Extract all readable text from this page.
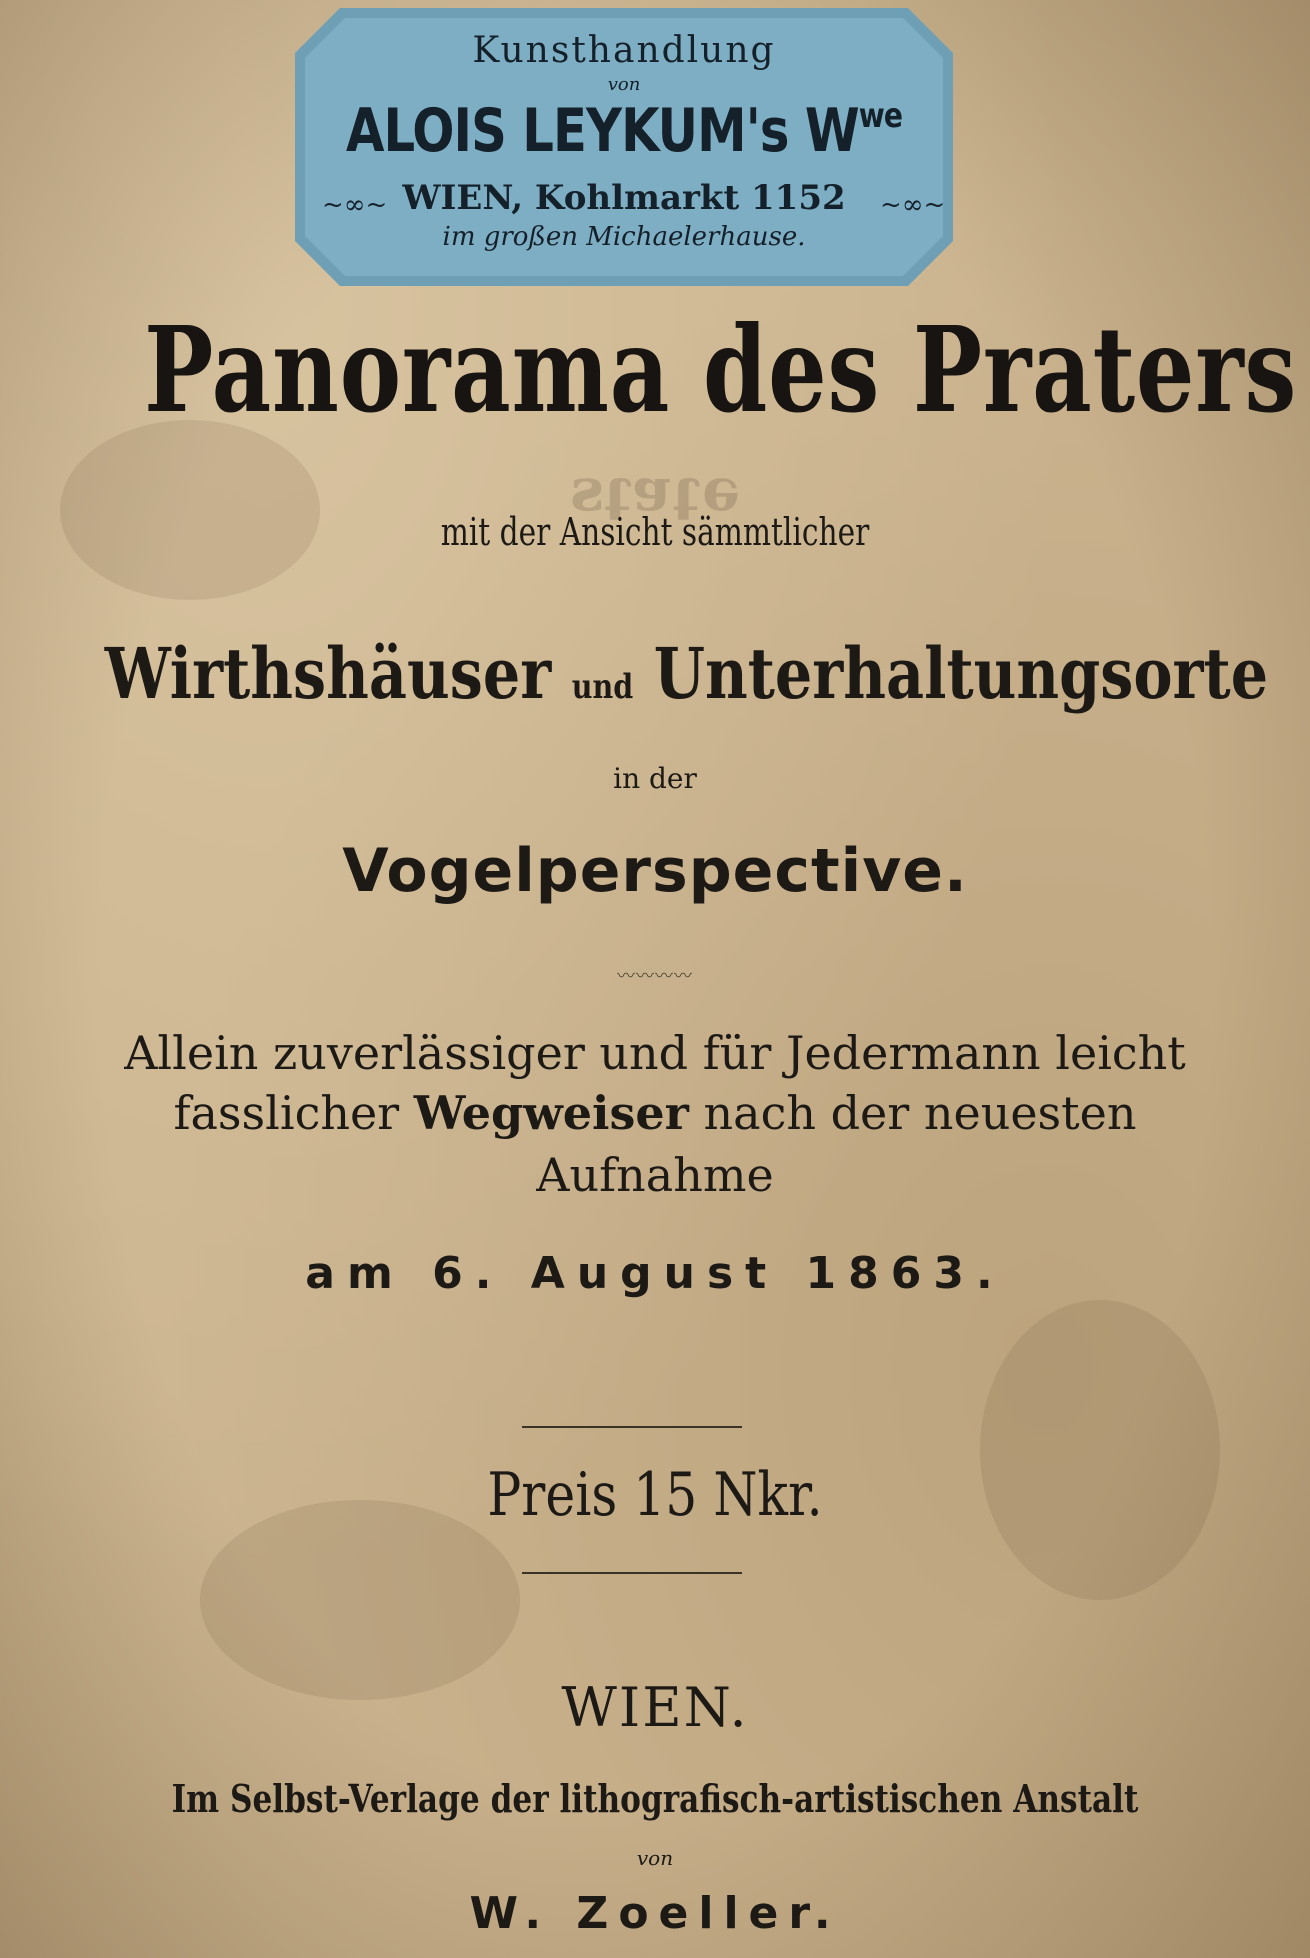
ǝʇɐʇs
Kunsthandlung
von
ALOIS LEYKUM's $W^{we}$
WIEN, Kohlmarkt 1152
im großen Michaelerhause.
~∞~	~∞~
Panorama des Praters
mit der Ansicht sämmtlicher
Wirthshäuser und Unterhaltungsorte
in der
Vogelperspective.
〰〰〰〰
Allein zuverlässiger und für Jedermann leicht
fasslicher Wegweiser nach der neuesten
Aufnahme
am 6. August 1863.
Preis 15 Nkr.
WIEN.
Im Selbst-Verlage der lithografisch-artistischen Anstalt
von
W. Zoeller.
